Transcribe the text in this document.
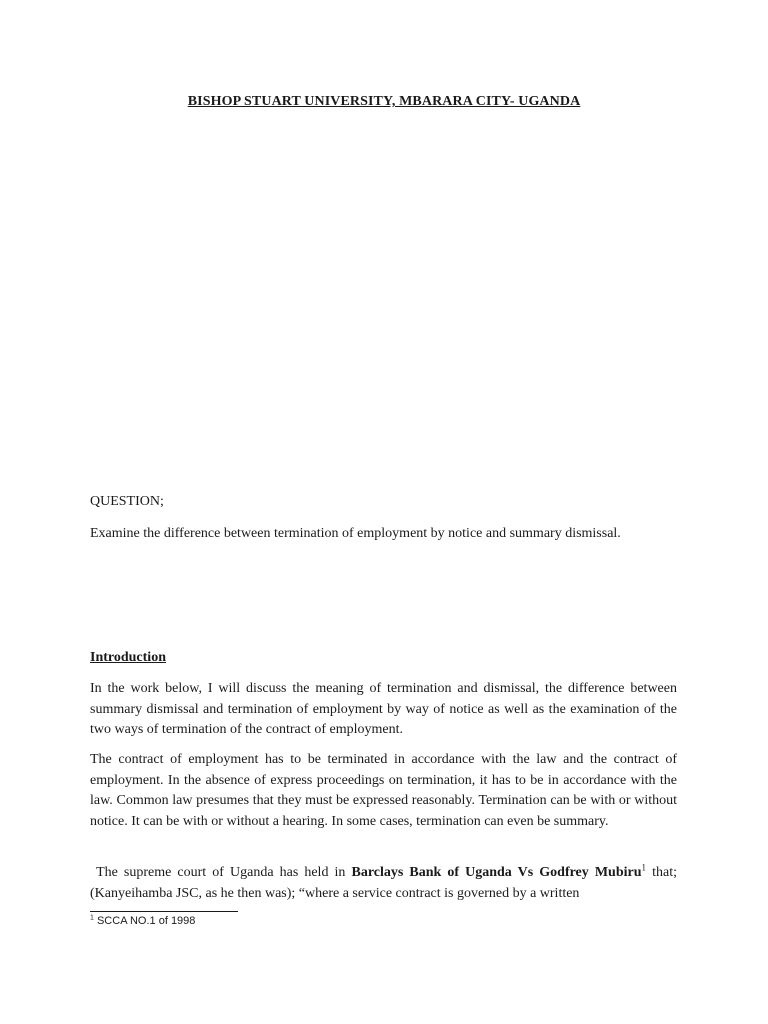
BISHOP STUART UNIVERSITY, MBARARA CITY- UGANDA
QUESTION;
Examine the difference between termination of employment by notice and summary dismissal.
Introduction

In the work below, I will discuss the meaning of termination and dismissal, the difference between summary dismissal and termination of employment by way of notice as well as the examination of the two ways of termination of the contract of employment.

The contract of employment has to be terminated in accordance with the law and the contract of employment. In the absence of express proceedings on termination, it has to be in accordance with the law. Common law presumes that they must be expressed reasonably. Termination can be with or without notice. It can be with or without a hearing. In some cases, termination can even be summary.

The supreme court of Uganda has held in Barclays Bank of Uganda Vs Godfrey Mubiru$^1$ that; (Kanyeihamba JSC, as he then was); “where a service contract is governed by a written

$^1$ SCCA NO.1 of 1998
